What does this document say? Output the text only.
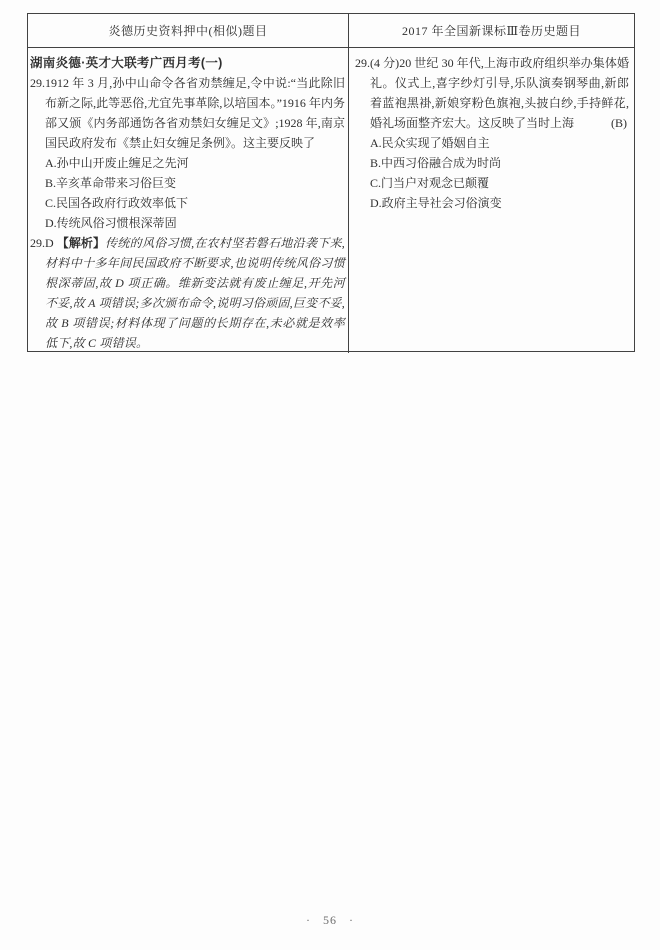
炎德历史资料押中(相似)题目	2017 年全国新课标Ⅲ卷历史题目
湖南炎德·英才大联考广西月考(一)
29.1912 年 3 月,孙中山命令各省劝禁缠足,令中说:“当此除旧布新之际,此等恶俗,尤宜先事革除,以培国本。”1916 年内务部又颁《内务部通饬各省劝禁妇女缠足文》;1928 年,南京国民政府发布《禁止妇女缠足条例》。这主要反映了
A.孙中山开废止缠足之先河
B.辛亥革命带来习俗巨变
C.民国各政府行政效率低下
D.传统风俗习惯根深蒂固
29.D 【解析】传统的风俗习惯,在农村坚若磐石地沿袭下来,材料中十多年间民国政府不断要求,也说明传统风俗习惯根深蒂固,故 D 项正确。维新变法就有废止缠足,开先河不妥,故 A 项错误;多次颁布命令,说明习俗顽固,巨变不妥,故 B 项错误;材料体现了问题的长期存在,未必就是效率低下,故 C 项错误。
29.(4 分)20 世纪 30 年代,上海市政府组织举办集体婚礼。仪式上,喜字纱灯引导,乐队演奏钢琴曲,新郎着蓝袍黑褂,新娘穿粉色旗袍,头披白纱,手持鲜花,婚礼场面整齐宏大。这反映了当时上海	(B)
A.民众实现了婚姻自主
B.中西习俗融合成为时尚
C.门当户对观念已颠覆
D.政府主导社会习俗演变
· 56 ·
